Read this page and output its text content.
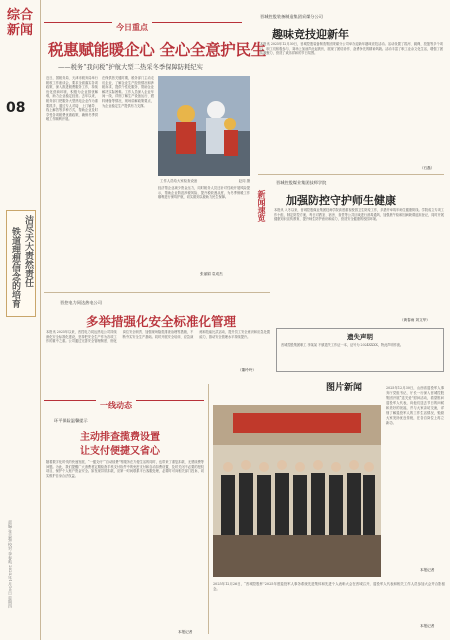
综合新闻
08
洁尽天大责然责任
铁道理想信念的培育
责编·张志强 校对·李春鸣 2025年1月16日 星期四
今日重点
税惠赋能暖企心 全心全意护民生
——税务“我问税”护航大型二热采冬季保障防耗纪实
近日，国税务局、天津市税务局举行税收工作座谈会，要求全面落实各项政策，深入推进税费服务工作，持续优化营商环境，积极为企业排忧解难，助力企业稳定经营。去年以来，税务部门把服务大型热电企业作为重要抓手，通过专人对接、上门辅导、线上解答等多种方式，帮助企业及时享受各项税费优惠政策，确保冬季供暖工作顺利开展。
在保供热关键时期，税务部门主动走访企业，了解企业生产经营情况和涉税诉求，提供个性化服务，帮助企业解决实际困难。工作人员深入企业车间一线，详细了解生产设备运行、燃料储备等情况，现场讲解政策要点，为企业稳定生产提供有力支撑。
工作人员给大家检查设备	赵同 摄
经济帮企业减少资金压力，同时税务人员还针对性地开展风险提示，帮助企业防范涉税风险，提升税收遵从度，为冬季保暖工作顺利进行保驾护航，切实做到以税助力民生保障。
张丽娟 袁成杰
晋城控股装备制造集团采煤分公司
趣味竞技迎新年
本报讯 2025年12月30日，晋城控股装备制造集团采煤分公司举办迎新年趣味竞技活动。活动设置了拔河、跳绳、投篮等多个项目，职工们积极参与，赛场上加油声此起彼伏，展现了团结协作、奋勇争先的精神风貌。活动丰富了职工业余文化生活，增强了团队凝聚力，营造了欢乐祥和的节日氛围。
（石磊）
新闻速览
晋城控股煤业集团技师学院
加强防控守护师生健康
本报讯 入冬以来，晋城控股煤业集团技师学院高度重视校园卫生防疫工作，多措并举筑牢师生健康防线。学院成立专项工作小组，制定防控方案，每日对教室、宿舍、食堂等公共区域进行消毒通风，加强晨午检和因病缺课追踪登记，同时开展健康知识宣传教育，提升师生防护意识和能力，营造安全健康的校园环境。
（黄春雨 刘文华）
遗失声明
晋城控股集团职工 李某某 不慎遗失工作证一本，证号为 2024XXXX，特此声明作废。
晋控电力同达热电公司
多举措强化安全标准化管理
本报讯 2025年以来，晋控电力同达热电公司持续深化安全标准化建设，坚持把安全生产作为各项工作的重中之重。公司通过完善安全管理制度、细化岗位安全职责、加强现场隐患排查治理等措施，不断夯实安全生产基础。同时开展安全培训、应急演练和技能比武活动，提升员工安全意识和应急处置能力，推动安全管理水平持续提升。
（董玲玲）
一线动态
环平保险温馨提示
主动排查揽费设置
让支付便捷又省心
随着数字化时代的快速发展，“一键支付”“自动续费”等服务在方便生活的同时，也带来了重复扣款、无感续费等问题。为此，我们提醒广大消费者定期检查手机支付软件中的免密支付和自动扣费设置，及时关闭不必要的授权项目，保护个人账户资金安全。如发现异常扣款，应第一时间联系平台客服处理，必要时可向相关部门投诉，切实维护自身合法权益。
本报记者
图片新闻	2025年12月30日，山西省退役军人事务厅党组书记、厅长一行深入晋城控股集团开展“送关爱”慰问活动，看望慰问退役军人代表，向他们送去节日的问候和美好的祝福，并与大家亲切交流，详细了解退役军人的工作生活情况，勉励大家发扬优良传统，在各自岗位上再立新功。
本报记者
2025年12月26日，“晋城控股杯”2025年度退役军人事务系统先进集体和先进个人表彰大会在晋城召开，退役军人代表和相关工作人员参加大会并合影留念。
本报记者
